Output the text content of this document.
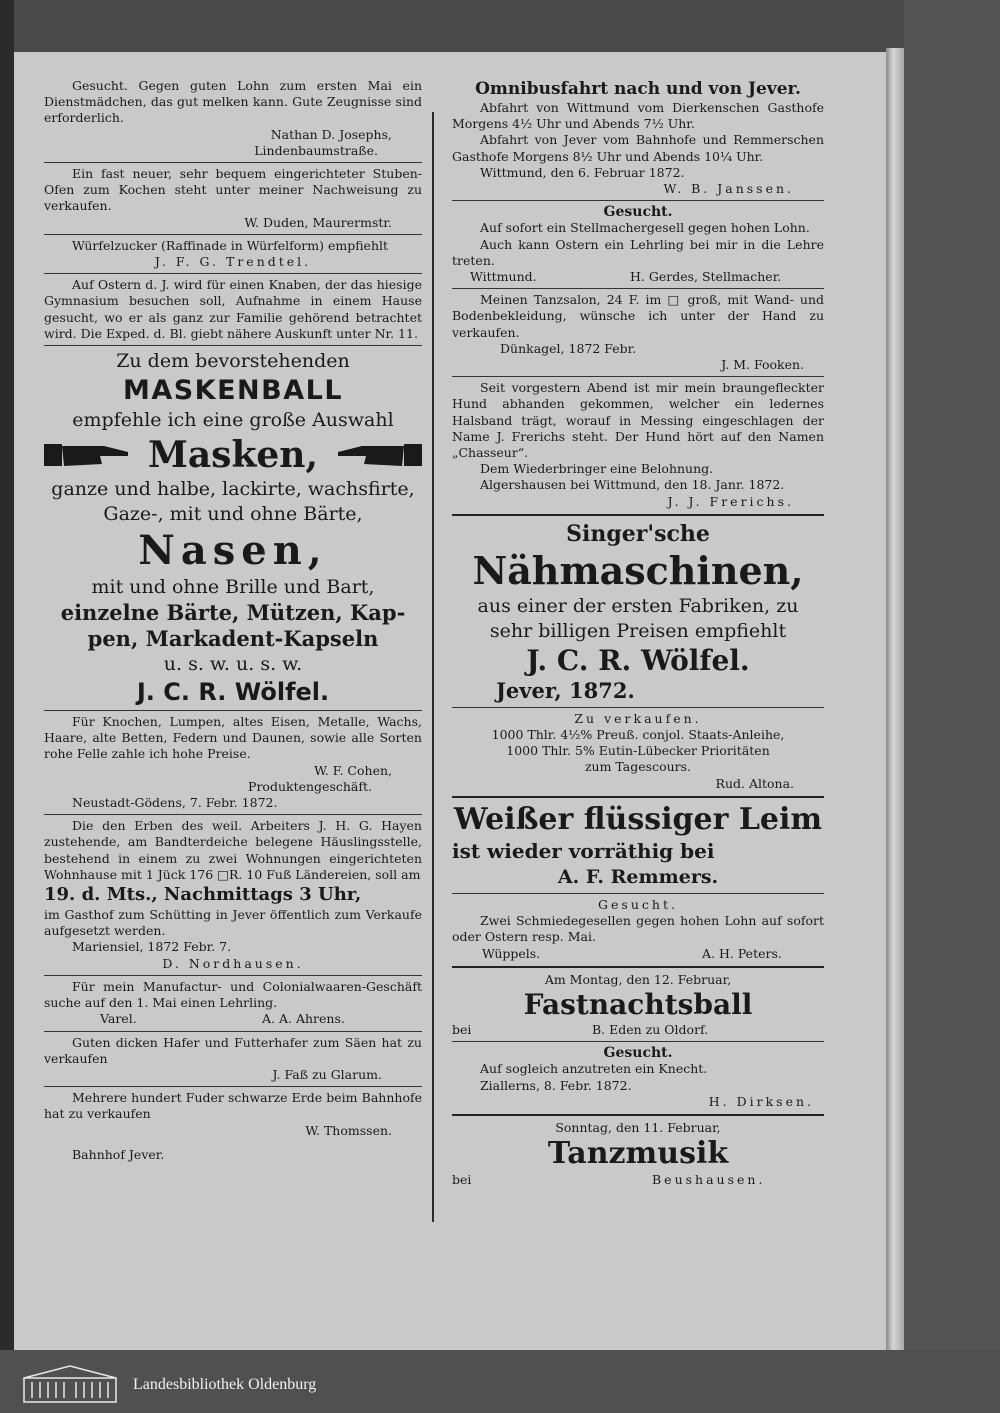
Gesucht. Gegen guten Lohn zum ersten Mai ein Dienstmädchen, das gut melken kann. Gute Zeugnisse sind erforderlich.

Nathan D. Josephs,

Lindenbaumstraße.

Ein fast neuer, sehr bequem eingerichteter Stuben-Ofen zum Kochen steht unter meiner Nachweisung zu verkaufen.

W. Duden, Maurermstr.

Würfelzucker (Raffinade in Würfelform) empfiehlt

J. F. G. Trendtel.

Auf Ostern d. J. wird für einen Knaben, der das hiesige Gymnasium besuchen soll, Aufnahme in einem Hause gesucht, wo er als ganz zur Familie gehörend betrachtet wird. Die Exped. d. Bl. giebt nähere Auskunft unter Nr. 11.

Zu dem bevorstehenden
MASKENBALL
empfehle ich eine große Auswahl
Masken,
ganze und halbe, lackirte, wachsfirte,
Gaze-, mit und ohne Bärte,
Nasen,
mit und ohne Brille und Bart,
einzelne Bärte, Mützen, Kap-
pen, Markadent-Kapseln
u. s. w. u. s. w.
J. C. R. Wölfel.

Für Knochen, Lumpen, altes Eisen, Metalle, Wachs, Haare, alte Betten, Federn und Daunen, sowie alle Sorten rohe Felle zahle ich hohe Preise.

W. F. Cohen,

Produktengeschäft.

Neustadt-Gödens, 7. Febr. 1872.

Die den Erben des weil. Arbeiters J. H. G. Hayen zustehende, am Bandterdeiche belegene Häuslingsstelle, bestehend in einem zu zwei Wohnungen eingerichteten Wohnhause mit 1 Jück 176 □R. 10 Fuß Ländereien, soll am

19. d. Mts., Nachmittags 3 Uhr,

im Gasthof zum Schütting in Jever öffentlich zum Verkaufe aufgesetzt werden.

Mariensiel, 1872 Febr. 7.

D. Nordhausen.

Für mein Manufactur- und Colonialwaaren-Geschäft suche auf den 1. Mai einen Lehrling.

Varel.	A. A. Ahrens.

Guten dicken Hafer und Futterhafer zum Säen hat zu verkaufen

J. Faß zu Glarum.

Mehrere hundert Fuder schwarze Erde beim Bahnhofe hat zu verkaufen

W. Thomssen.

Bahnhof Jever.

Omnibusfahrt nach und von Jever.

Abfahrt von Wittmund vom Dierkenschen Gasthofe Morgens 4½ Uhr und Abends 7½ Uhr.

Abfahrt von Jever vom Bahnhofe und Remmerschen Gasthofe Morgens 8½ Uhr und Abends 10¼ Uhr.

Wittmund, den 6. Februar 1872.

W. B. Janssen.

Gesucht.

Auf sofort ein Stellmachergesell gegen hohen Lohn.

Auch kann Ostern ein Lehrling bei mir in die Lehre treten.

Wittmund.	H. Gerdes, Stellmacher.

Meinen Tanzsalon, 24 F. im □ groß, mit Wand- und Bodenbekleidung, wünsche ich unter der Hand zu verkaufen.

Dünkagel, 1872 Febr.

J. M. Fooken.

Seit vorgestern Abend ist mir mein braungefleckter Hund abhanden gekommen, welcher ein ledernes Halsband trägt, worauf in Messing eingeschlagen der Name J. Frerichs steht. Der Hund hört auf den Namen „Chasseur“.

Dem Wiederbringer eine Belohnung.

Algershausen bei Wittmund, den 18. Janr. 1872.

J. J. Frerichs.

Singer'sche
Nähmaschinen,
aus einer der ersten Fabriken, zu
sehr billigen Preisen empfiehlt
J. C. R. Wölfel.
Jever, 1872.

Zu verkaufen.

1000 Thlr. 4½% Preuß. conjol. Staats-Anleihe,

1000 Thlr. 5% Eutin-Lübecker Prioritäten

zum Tagescours.

Rud. Altona.

Weißer flüssiger Leim
ist wieder vorräthig bei
A. F. Remmers.

Gesucht.

Zwei Schmiedegesellen gegen hohen Lohn auf sofort oder Ostern resp. Mai.

Wüppels.	A. H. Peters.

Am Montag, den 12. Februar,

Fastnachtsball

bei	B. Eden zu Oldorf.

Gesucht.

Auf sogleich anzutreten ein Knecht.

Ziallerns, 8. Febr. 1872.

H. Dirksen.

Sonntag, den 11. Februar,

Tanzmusik

bei	Beushausen.

Landesbibliothek Oldenburg
